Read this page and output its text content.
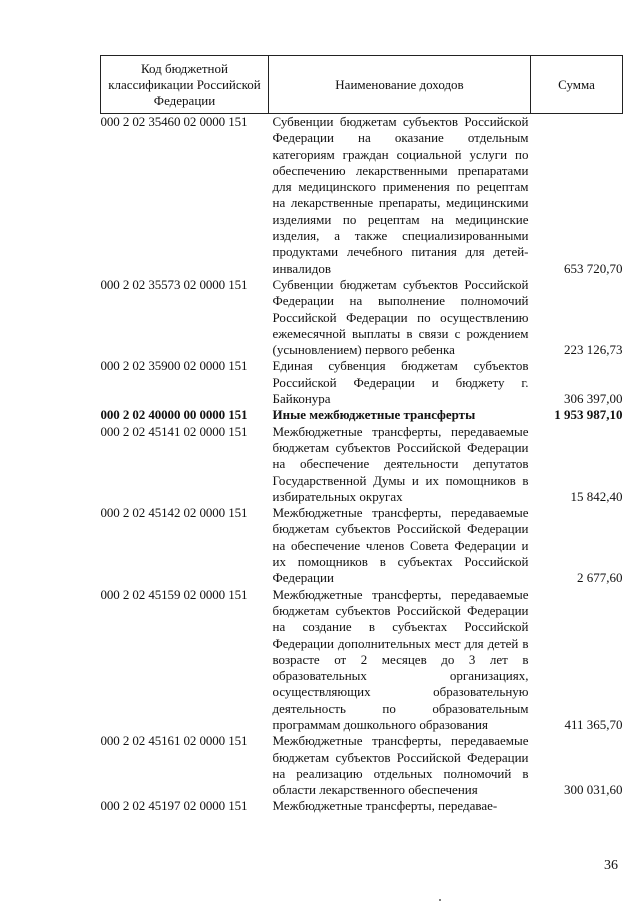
Код бюджетной классификации Российской Федерации	Наименование доходов	Сумма
000 2 02 35460 02 0000 151	Субвенции бюджетам субъектов Российской Федерации на оказание отдельным категориям граждан социальной услуги по обеспечению лекарственными препаратами для медицинского применения по рецептам на лекарственные препараты, медицинскими изделиями по рецептам на медицинские изделия, а также специализированными продуктами лечебного питания для детей-инвалидов	653 720,70
000 2 02 35573 02 0000 151	Субвенции бюджетам субъектов Российской Федерации на выполнение полномочий Российской Федерации по осуществлению ежемесячной выплаты в связи с рождением (усыновлением) первого ребенка	223 126,73
000 2 02 35900 02 0000 151	Единая субвенция бюджетам субъектов Российской Федерации и бюджету г. Байконура	306 397,00
000 2 02 40000 00 0000 151	Иные межбюджетные трансферты	1 953 987,10
000 2 02 45141 02 0000 151	Межбюджетные трансферты, передаваемые бюджетам субъектов Российской Федерации на обеспечение деятельности депутатов Государственной Думы и их помощников в избирательных округах	15 842,40
000 2 02 45142 02 0000 151	Межбюджетные трансферты, передаваемые бюджетам субъектов Российской Федерации на обеспечение членов Совета Федерации и их помощников в субъектах Российской Федерации	2 677,60
000 2 02 45159 02 0000 151	Межбюджетные трансферты, передаваемые бюджетам субъектов Российской Федерации на создание в субъектах Российской Федерации дополнительных мест для детей в возрасте от 2 месяцев до 3 лет в образовательных организациях, осуществляющих образовательную деятельность по образовательным программам дошкольного образования	411 365,70
000 2 02 45161 02 0000 151	Межбюджетные трансферты, передаваемые бюджетам субъектов Российской Федерации на реализацию отдельных полномочий в области лекарственного обеспечения	300 031,60
000 2 02 45197 02 0000 151	Межбюджетные трансферты, передавае-	
36
